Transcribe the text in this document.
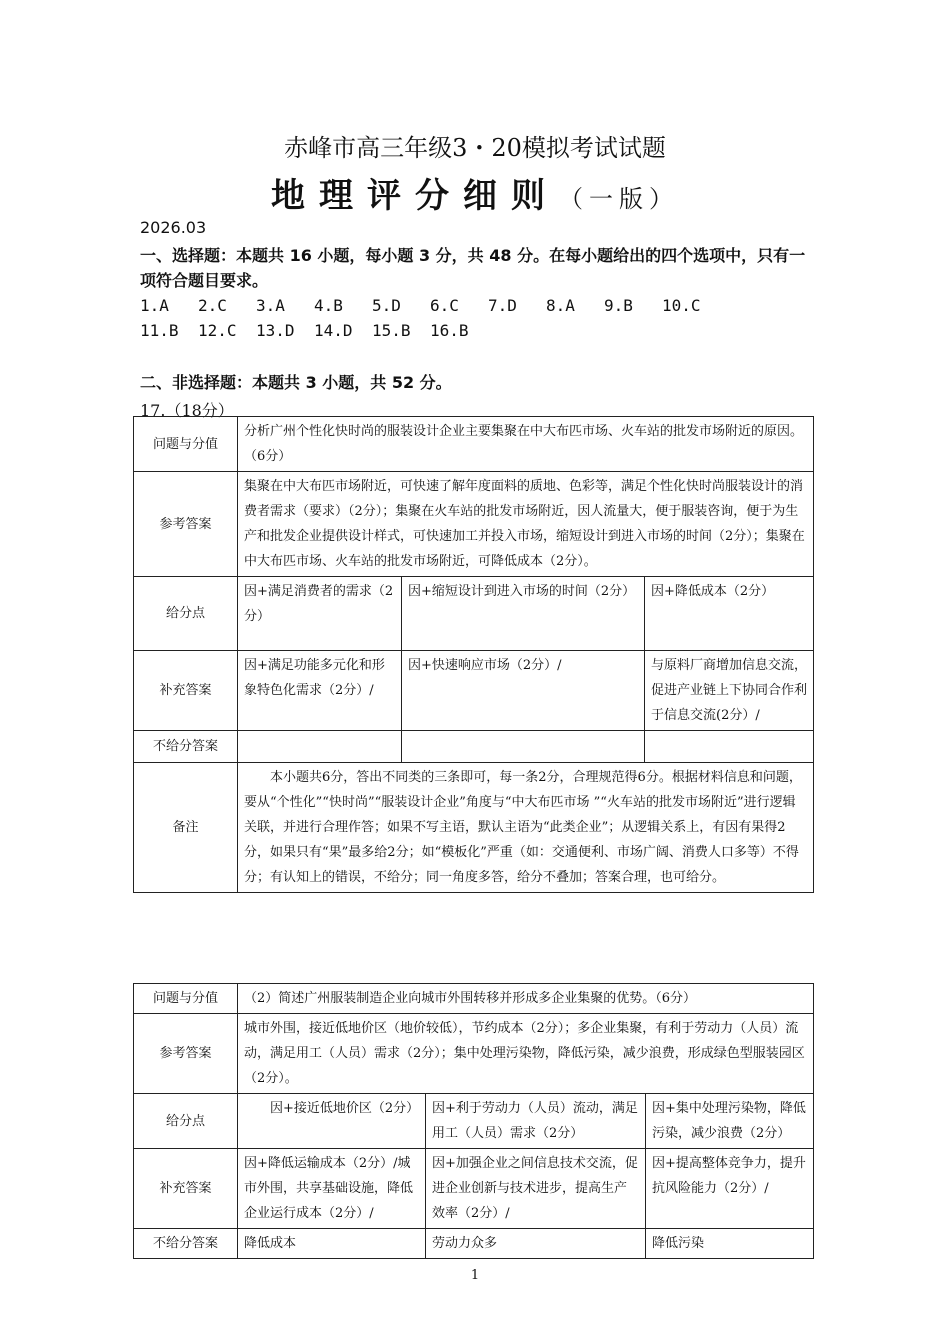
赤峰市高三年级3・20模拟考试试题
地理评分细则（一版）
2026.03
一、选择题：本题共 16 小题，每小题 3 分，共 48 分。在每小题给出的四个选项中，只有一项符合题目要求。
1.A 2.C 3.A 4.B 5.D 6.C 7.D 8.A 9.B 10.C
11.B 12.C 13.D 14.D 15.B 16.B
二、非选择题：本题共 3 小题，共 52 分。
17.（18分）
问题与分值	分析广州个性化快时尚的服装设计企业主要集聚在中大布匹市场、火车站的批发市场附近的原因。（6分）		
参考答案	集聚在中大布匹市场附近，可快速了解年度面料的质地、色彩等，满足个性化快时尚服装设计的消费者需求（要求）（2分）；集聚在火车站的批发市场附近，因人流量大，便于服装咨询，便于为生产和批发企业提供设计样式，可快速加工并投入市场，缩短设计到进入市场的时间（2分）；集聚在中大布匹市场、火车站的批发市场附近，可降低成本（2分）。		
给分点	因+满足消费者的需求（2分）	因+缩短设计到进入市场的时间（2分）	因+降低成本（2分）
补充答案	因+满足功能多元化和形象特色化需求（2分）/	因+快速响应市场（2分）/	与原料厂商增加信息交流，促进产业链上下协同合作利于信息交流(2分）/
不给分答案			
备注	本小题共6分，答出不同类的三条即可，每一条2分，合理规范得6分。根据材料信息和问题，要从“个性化”“快时尚”“服装设计企业”角度与“中大布匹市场 ”“火车站的批发市场附近”进行逻辑关联，并进行合理作答；如果不写主语，默认主语为“此类企业”；从逻辑关系上，有因有果得2分，如果只有“果”最多给2分；如“模板化”严重（如：交通便利、市场广阔、消费人口多等）不得分；有认知上的错误，不给分；同一角度多答，给分不叠加；答案合理，也可给分。		
问题与分值	（2）简述广州服装制造企业向城市外围转移并形成多企业集聚的优势。（6分）		
参考答案	城市外围，接近低地价区（地价较低），节约成本（2分）；多企业集聚，有利于劳动力（人员）流动，满足用工（人员）需求（2分）；集中处理污染物，降低污染，减少浪费，形成绿色型服装园区（2分）。		
给分点	因+接近低地价区（2分）	因+利于劳动力（人员）流动，满足用工（人员）需求（2分）	因+集中处理污染物，降低污染，减少浪费（2分）
补充答案	因+降低运输成本（2分）/城市外围，共享基础设施，降低企业运行成本（2分）/	因+加强企业之间信息技术交流，促进企业创新与技术进步，提高生产效率（2分）/	因+提高整体竞争力，提升抗风险能力（2分）/
不给分答案	降低成本	劳动力众多	降低污染
1
